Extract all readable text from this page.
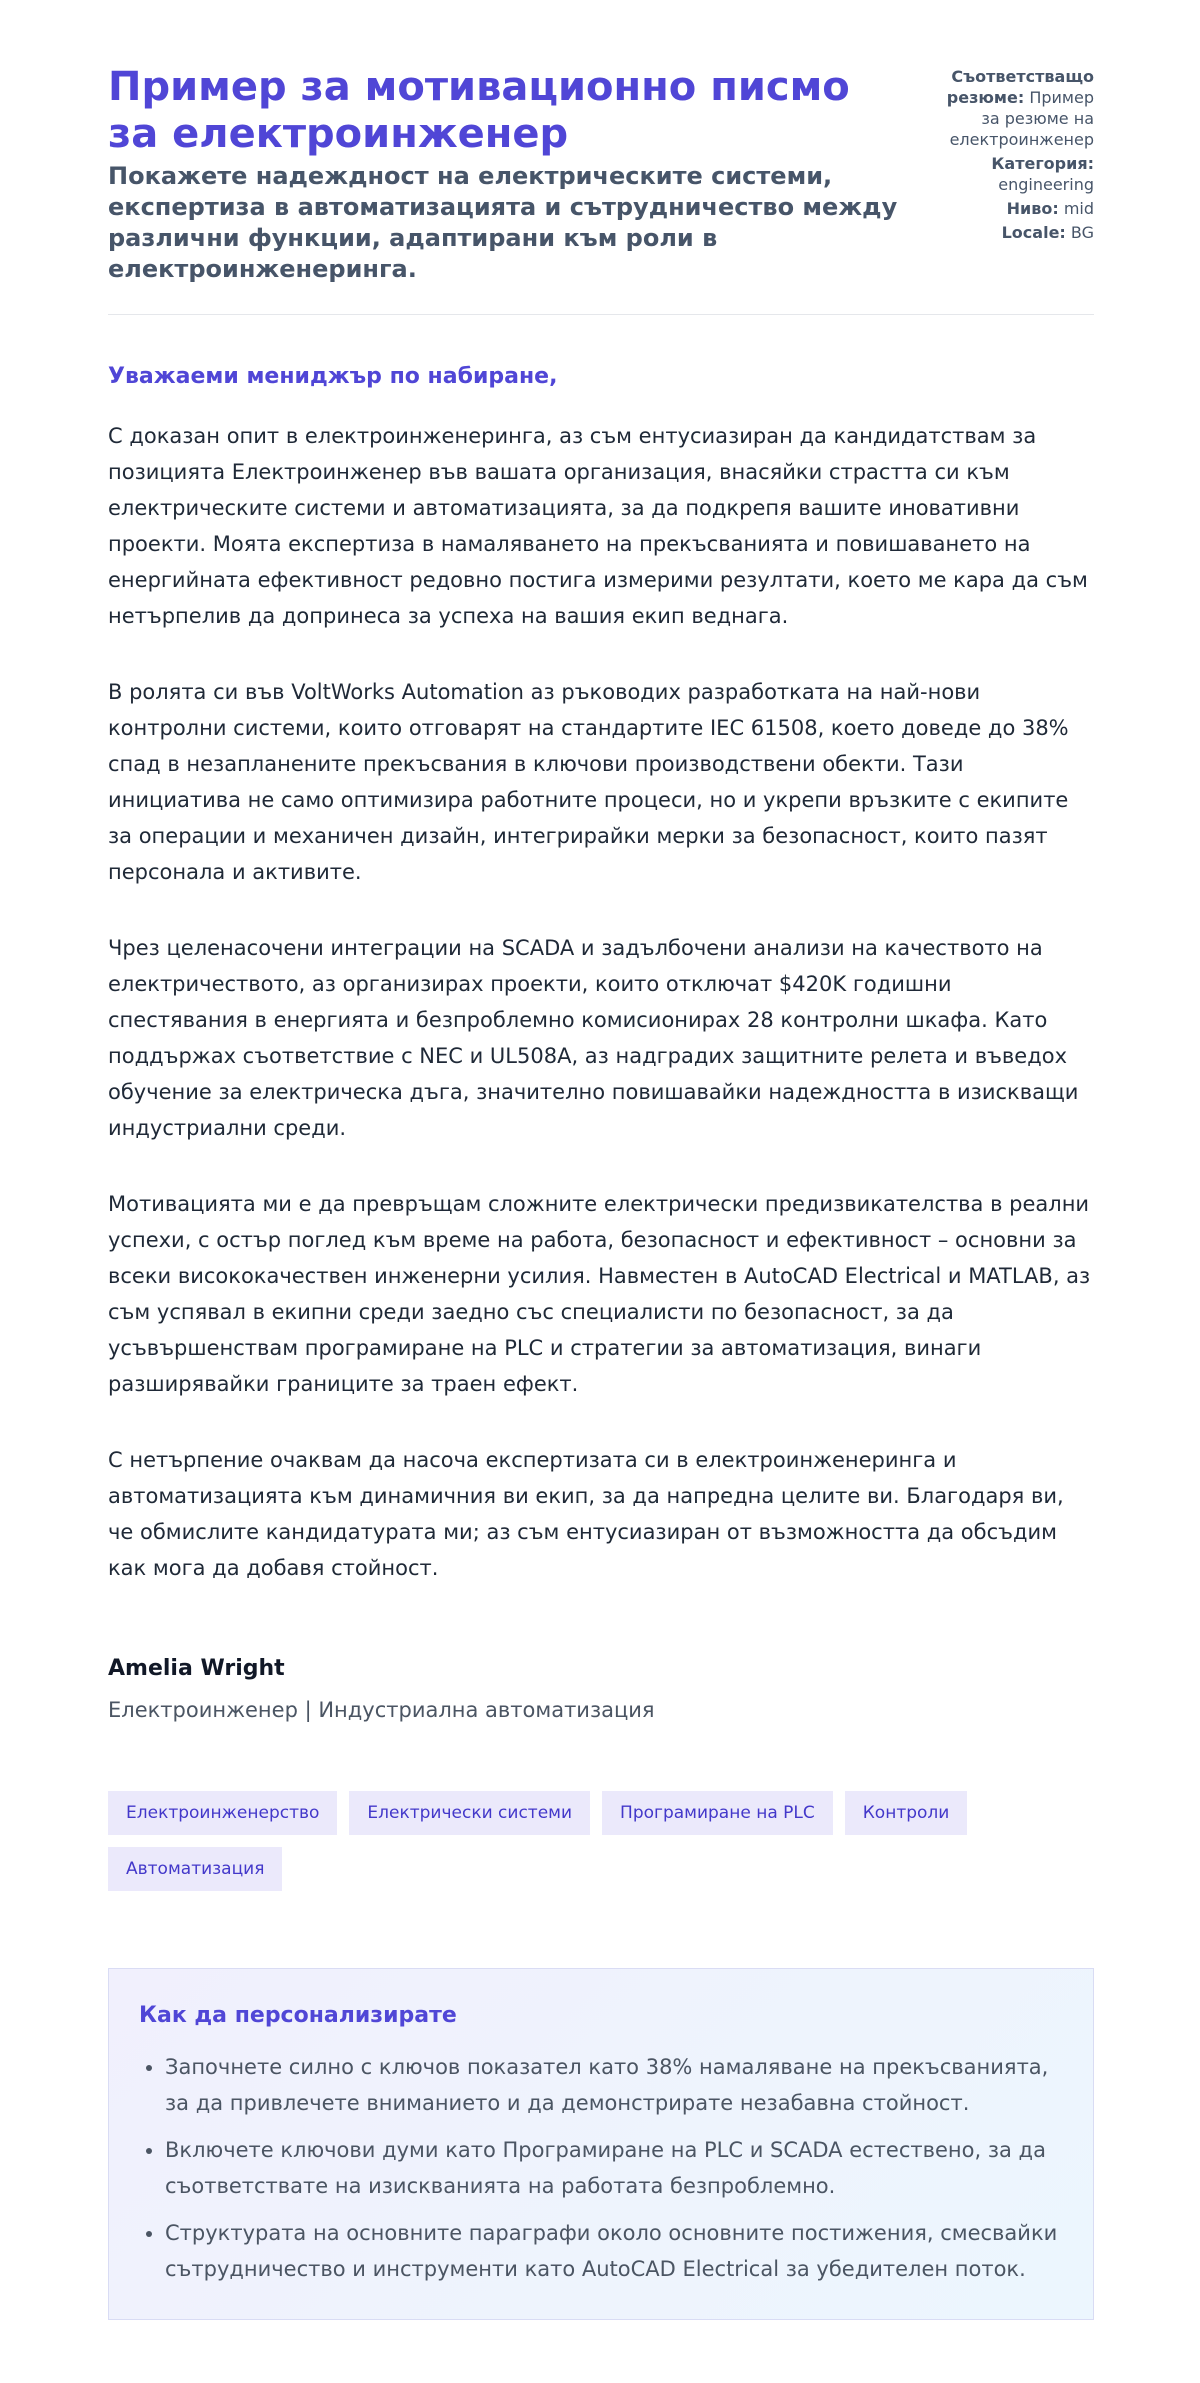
Пример за мотивационно писмо за електроинженер
Покажете надеждност на електрическите системи, експертиза в автоматизацията и сътрудничество между различни функции, адаптирани към роли в електроинженеринга.
Съответстващо резюме: Пример за резюме на електроинженер
Категория: engineering
Ниво: mid
Locale: BG
Уважаеми мениджър по набиране,

С доказан опит в електроинженеринга, аз съм ентусиазиран да кандидатствам за позицията Електроинженер във вашата организация, внасяйки страстта си към електрическите системи и автоматизацията, за да подкрепя вашите иновативни проекти. Моята експертиза в намаляването на прекъсванията и повишаването на енергийната ефективност редовно постига измерими резултати, което ме кара да съм нетърпелив да допринеса за успеха на вашия екип веднага.

В ролята си във VoltWorks Automation аз ръководих разработката на най-нови контролни системи, които отговарят на стандартите IEC 61508, което доведе до 38% спад в незапланените прекъсвания в ключови производствени обекти. Тази инициатива не само оптимизира работните процеси, но и укрепи връзките с екипите за операции и механичен дизайн, интегрирайки мерки за безопасност, които пазят персонала и активите.

Чрез целенасочени интеграции на SCADA и задълбочени анализи на качеството на електричеството, аз организирах проекти, които отключат $420K годишни спестявания в енергията и безпроблемно комисионирах 28 контролни шкафа. Като поддържах съответствие с NEC и UL508A, аз надградих защитните релета и въведох обучение за електрическа дъга, значително повишавайки надеждността в изискващи индустриални среди.

Мотивацията ми е да превръщам сложните електрически предизвикателства в реални успехи, с остър поглед към време на работа, безопасност и ефективност – основни за всеки висококачествен инженерни усилия. Навместен в AutoCAD Electrical и MATLAB, аз съм успявал в екипни среди заедно със специалисти по безопасност, за да усъвършенствам програмиране на PLC и стратегии за автоматизация, винаги разширявайки границите за траен ефект.

С нетърпение очаквам да насоча експертизата си в електроинженеринга и автоматизацията към динамичния ви екип, за да напредна целите ви. Благодаря ви, че обмислите кандидатурата ми; аз съм ентусиазиран от възможността да обсъдим как мога да добавя стойност.

Amelia Wright
Електроинженер | Индустриална автоматизация
Електроинженерство	Електрически системи	Програмиране на PLC	Контроли
Автоматизация
Как да персонализирате
• Започнете силно с ключов показател като 38% намаляване на прекъсванията, за да привлечете вниманието и да демонстрирате незабавна стойност.
• Включете ключови думи като Програмиране на PLC и SCADA естествено, за да съответствате на изискванията на работата безпроблемно.
• Структурата на основните параграфи около основните постижения, смесвайки сътрудничество и инструменти като AutoCAD Electrical за убедителен поток.
